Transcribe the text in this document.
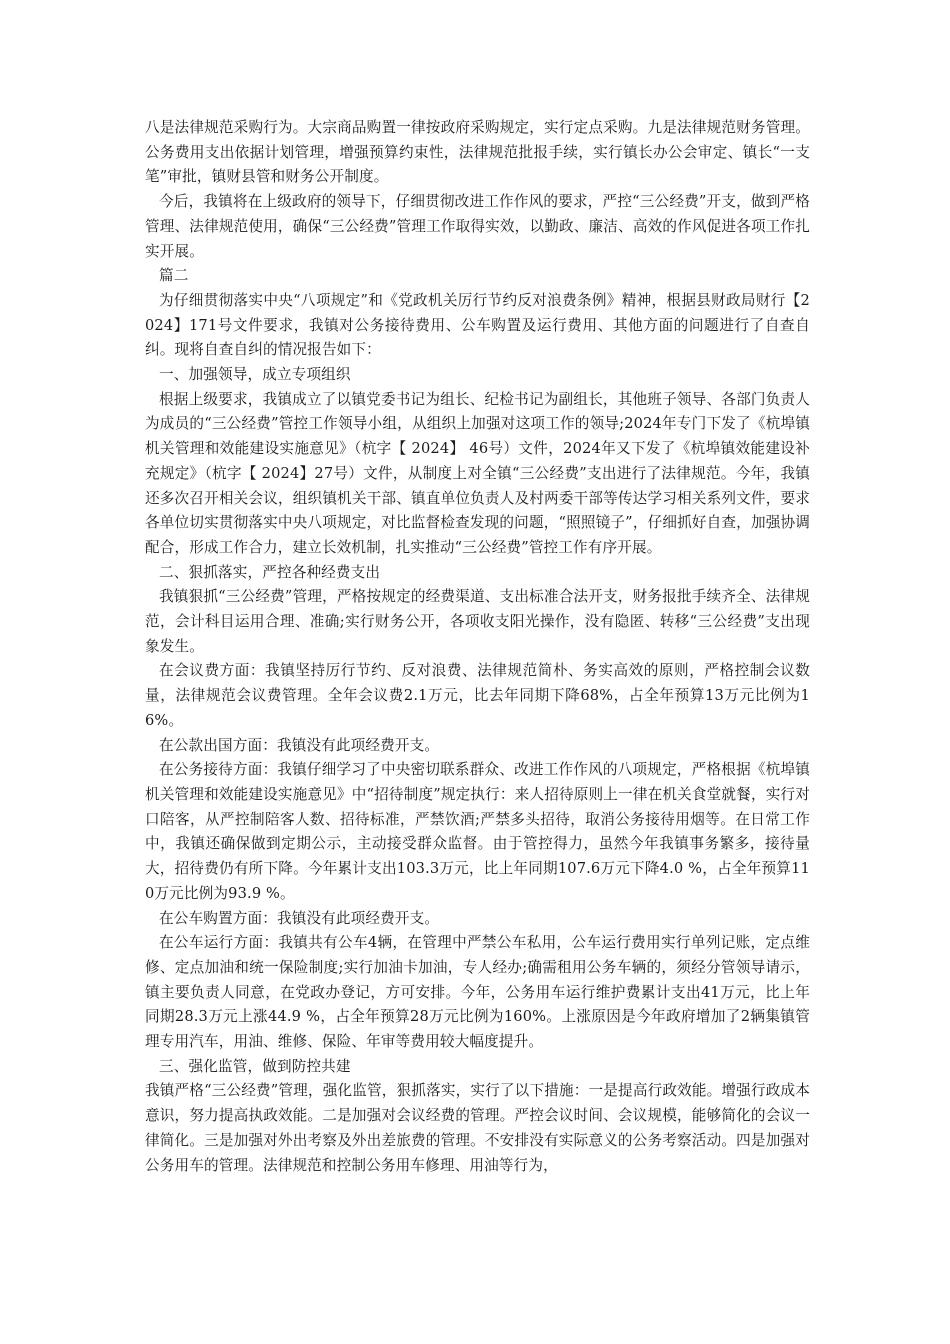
八是法律规范采购行为。大宗商品购置一律按政府采购规定，实行定点采购。九是法律规范财务管理。公务费用支出依据计划管理，增强预算约束性，法律规范批报手续，实行镇长办公会审定、镇长“一支笔”审批，镇财县管和财务公开制度。

今后，我镇将在上级政府的领导下，仔细贯彻改进工作作风的要求，严控“三公经费”开支，做到严格管理、法律规范使用，确保“三公经费”管理工作取得实效，以勤政、廉洁、高效的作风促进各项工作扎实开展。

篇二

为仔细贯彻落实中央“八项规定”和《党政机关厉行节约反对浪费条例》精神，根据县财政局财行【2024】171号文件要求，我镇对公务接待费用、公车购置及运行费用、其他方面的问题进行了自查自纠。现将自查自纠的情况报告如下：

一、加强领导，成立专项组织

根据上级要求，我镇成立了以镇党委书记为组长、纪检书记为副组长，其他班子领导、各部门负责人为成员的“三公经费”管控工作领导小组，从组织上加强对这项工作的领导;2024年专门下发了《杭埠镇机关管理和效能建设实施意见》（杭字【 2024】 46号）文件，2024年又下发了《杭埠镇效能建设补充规定》（杭字【 2024】27号）文件，从制度上对全镇“三公经费”支出进行了法律规范。今年，我镇还多次召开相关会议，组织镇机关干部、镇直单位负责人及村两委干部等传达学习相关系列文件，要求各单位切实贯彻落实中央八项规定，对比监督检查发现的问题，“照照镜子”，仔细抓好自查，加强协调配合，形成工作合力，建立长效机制，扎实推动“三公经费”管控工作有序开展。

二、狠抓落实，严控各种经费支出

我镇狠抓“三公经费”管理，严格按规定的经费渠道、支出标准合法开支，财务报批手续齐全、法律规范，会计科目运用合理、准确;实行财务公开，各项收支阳光操作，没有隐匿、转移“三公经费”支出现象发生。

在会议费方面：我镇坚持厉行节约、反对浪费、法律规范简朴、务实高效的原则，严格控制会议数量，法律规范会议费管理。全年会议费2.1万元，比去年同期下降68%，占全年预算13万元比例为16%。

在公款出国方面：我镇没有此项经费开支。

在公务接待方面：我镇仔细学习了中央密切联系群众、改进工作作风的八项规定，严格根据《杭埠镇机关管理和效能建设实施意见》中“招待制度”规定执行：来人招待原则上一律在机关食堂就餐，实行对口陪客，从严控制陪客人数、招待标准，严禁饮酒;严禁多头招待，取消公务接待用烟等。在日常工作中，我镇还确保做到定期公示，主动接受群众监督。由于管控得力，虽然今年我镇事务繁多，接待量大，招待费仍有所下降。今年累计支出103.3万元，比上年同期107.6万元下降4.0 %，占全年预算110万元比例为93.9 %。

在公车购置方面：我镇没有此项经费开支。

在公车运行方面：我镇共有公车4辆，在管理中严禁公车私用，公车运行费用实行单列记账，定点维修、定点加油和统一保险制度;实行加油卡加油，专人经办;确需租用公务车辆的，须经分管领导请示，镇主要负责人同意，在党政办登记，方可安排。今年，公务用车运行维护费累计支出41万元，比上年同期28.3万元上涨44.9 %，占全年预算28万元比例为160%。上涨原因是今年政府增加了2辆集镇管理专用汽车，用油、维修、保险、年审等费用较大幅度提升。

三、强化监管，做到防控共建

我镇严格“三公经费”管理，强化监管，狠抓落实，实行了以下措施：一是提高行政效能。增强行政成本意识，努力提高执政效能。二是加强对会议经费的管理。严控会议时间、会议规模，能够简化的会议一律简化。三是加强对外出考察及外出差旅费的管理。不安排没有实际意义的公务考察活动。四是加强对公务用车的管理。法律规范和控制公务用车修理、用油等行为，
